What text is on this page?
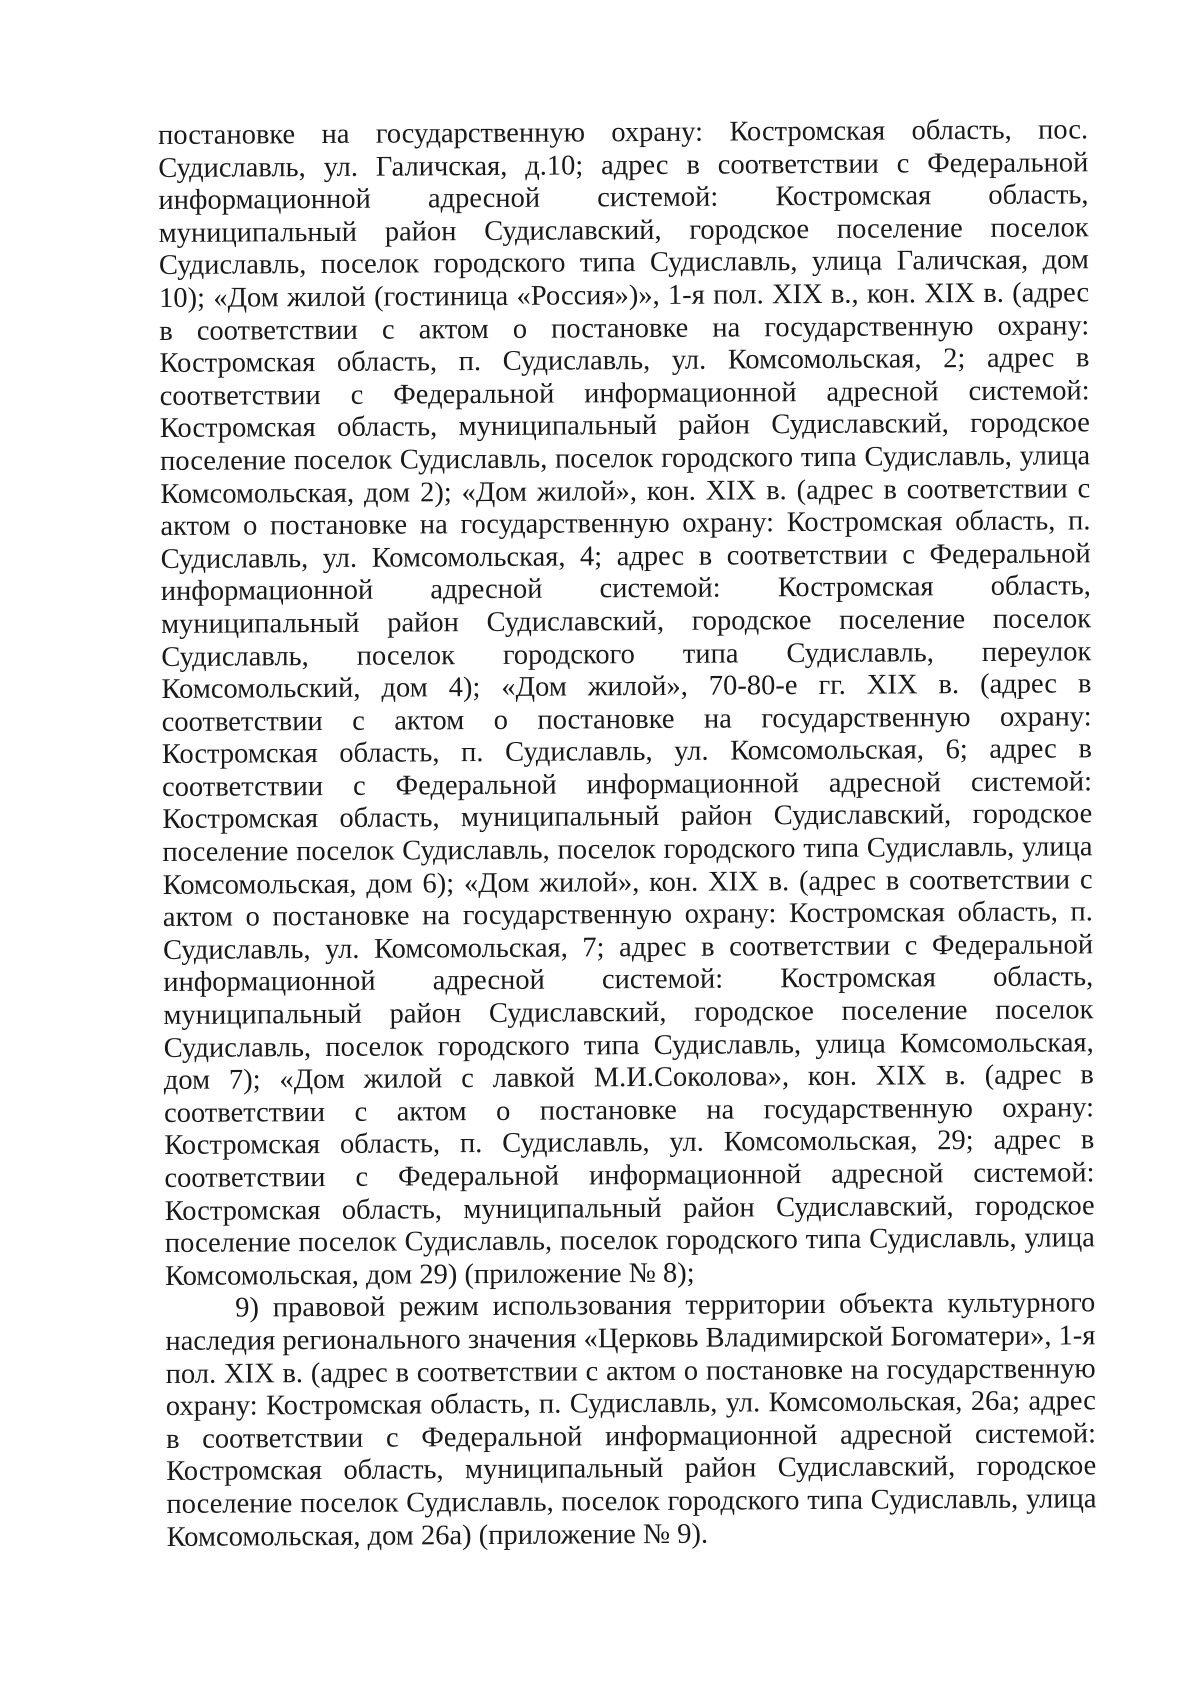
постановке на государственную охрану: Костромская область, пос. Судиславль, ул. Галичская, д.10; адрес в соответствии с Федеральной информационной адресной системой: Костромская область, муниципальный район Судиславский, городское поселение поселок Судиславль, поселок городского типа Судиславль, улица Галичская, дом 10); «Дом жилой (гостиница «Россия»)», 1-я пол. XIX в., кон. XIX в. (адрес в соответствии с актом о постановке на государственную охрану: Костромская область, п. Судиславль, ул. Комсомольская, 2; адрес в соответствии с Федеральной информационной адресной системой: Костромская область, муниципальный район Судиславский, городское поселение поселок Судиславль, поселок городского типа Судиславль, улица Комсомольская, дом 2); «Дом жилой», кон. XIX в. (адрес в соответствии с актом о постановке на государственную охрану: Костромская область, п. Судиславль, ул. Комсомольская, 4; адрес в соответствии с Федеральной информационной адресной системой: Костромская область, муниципальный район Судиславский, городское поселение поселок Судиславль, поселок городского типа Судиславль, переулок Комсомольский, дом 4); «Дом жилой», 70-80-е гг. XIX в. (адрес в соответствии с актом о постановке на государственную охрану: Костромская область, п. Судиславль, ул. Комсомольская, 6; адрес в соответствии с Федеральной информационной адресной системой: Костромская область, муниципальный район Судиславский, городское поселение поселок Судиславль, поселок городского типа Судиславль, улица Комсомольская, дом 6); «Дом жилой», кон. XIX в. (адрес в соответствии с актом о постановке на государственную охрану: Костромская область, п. Судиславль, ул. Комсомольская, 7; адрес в соответствии с Федеральной информационной адресной системой: Костромская область, муниципальный район Судиславский, городское поселение поселок Судиславль, поселок городского типа Судиславль, улица Комсомольская, дом 7); «Дом жилой с лавкой М.И.Соколова», кон. XIX в. (адрес в соответствии с актом о постановке на государственную охрану: Костромская область, п. Судиславль, ул. Комсомольская, 29; адрес в соответствии с Федеральной информационной адресной системой: Костромская область, муниципальный район Судиславский, городское поселение поселок Судиславль, поселок городского типа Судиславль, улица Комсомольская, дом 29) (приложение № 8);

9) правовой режим использования территории объекта культурного наследия регионального значения «Церковь Владимирской Богоматери», 1-я пол. XIX в. (адрес в соответствии с актом о постановке на государственную охрану: Костромская область, п. Судиславль, ул. Комсомольская, 26а; адрес в соответствии с Федеральной информационной адресной системой: Костромская область, муниципальный район Судиславский, городское поселение поселок Судиславль, поселок городского типа Судиславль, улица Комсомольская, дом 26а) (приложение № 9).
